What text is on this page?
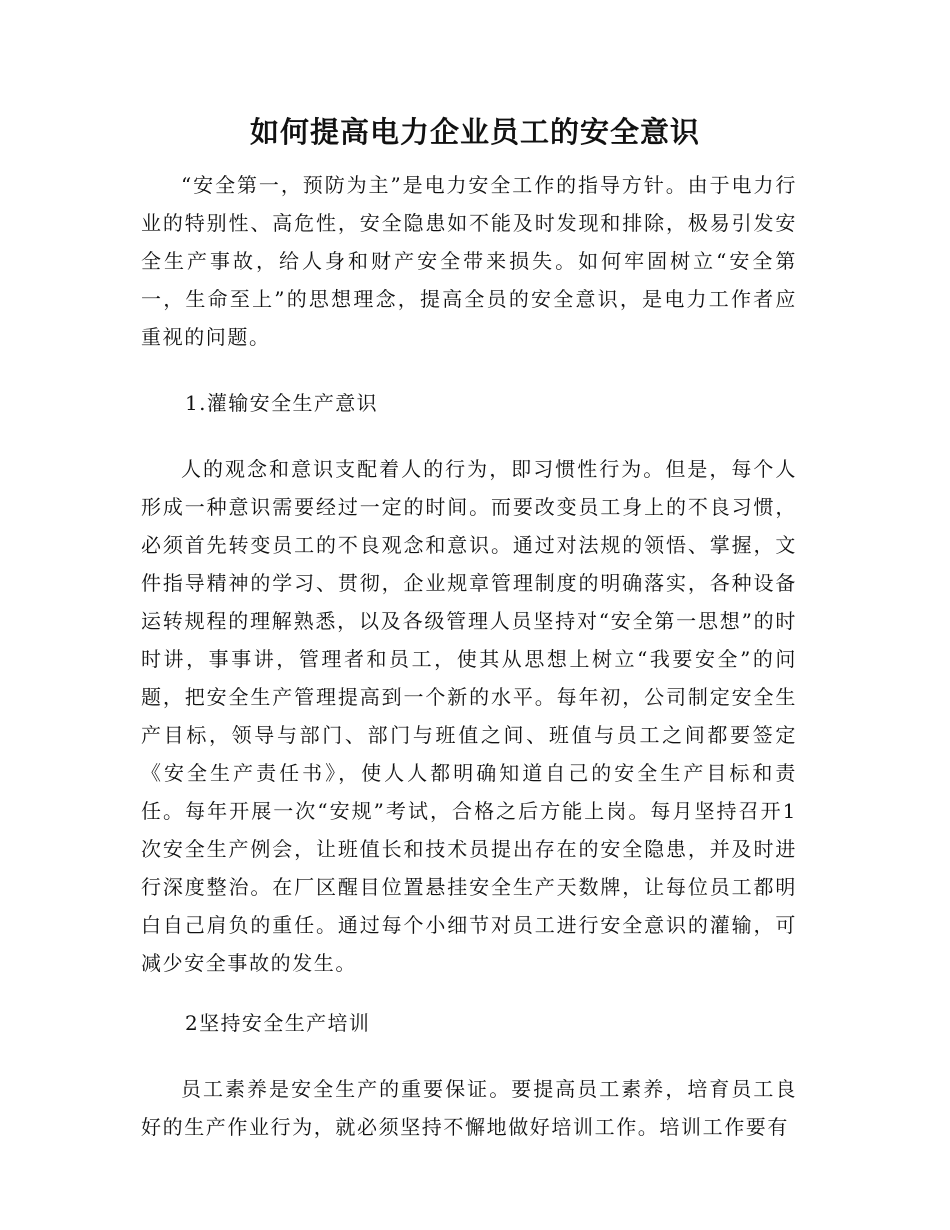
如何提高电力企业员工的安全意识

“安全第一，预防为主”是电力安全工作的指导方针。由于电力行业的特别性、高危性，安全隐患如不能及时发现和排除，极易引发安全生产事故，给人身和财产安全带来损失。如何牢固树立“安全第一，生命至上”的思想理念，提高全员的安全意识，是电力工作者应重视的问题。

1.灌输安全生产意识

人的观念和意识支配着人的行为，即习惯性行为。但是，每个人形成一种意识需要经过一定的时间。而要改变员工身上的不良习惯，必须首先转变员工的不良观念和意识。通过对法规的领悟、掌握，文件指导精神的学习、贯彻，企业规章管理制度的明确落实，各种设备运转规程的理解熟悉，以及各级管理人员坚持对“安全第一思想”的时时讲，事事讲，管理者和员工，使其从思想上树立“我要安全”的问题，把安全生产管理提高到一个新的水平。每年初，公司制定安全生产目标，领导与部门、部门与班值之间、班值与员工之间都要签定《安全生产责任书》，使人人都明确知道自己的安全生产目标和责任。每年开展一次“安规”考试，合格之后方能上岗。每月坚持召开1次安全生产例会，让班值长和技术员提出存在的安全隐患，并及时进行深度整治。在厂区醒目位置悬挂安全生产天数牌，让每位员工都明白自己肩负的重任。通过每个小细节对员工进行安全意识的灌输，可减少安全事故的发生。

2坚持安全生产培训

员工素养是安全生产的重要保证。要提高员工素养，培育员工良好的生产作业行为，就必须坚持不懈地做好培训工作。培训工作要有
